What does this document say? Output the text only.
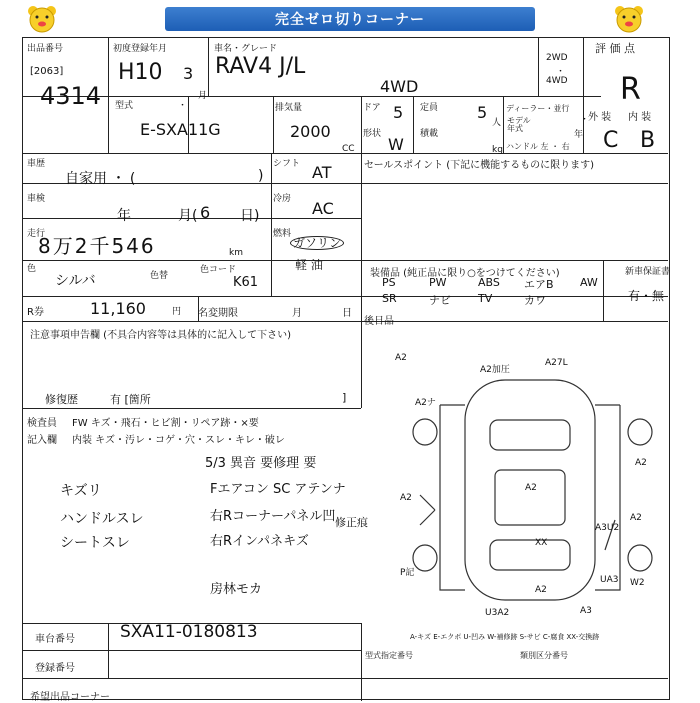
完全ゼロ切りコーナー
出品番号
[2063]
4314
初度登録年月
H10 3
月
車名・グレード
RAV4 J/L
4WD
2WD
・
4WD
評 価 点
R
外 装 内 装
C B
型式	・
E-SXA11G
排気量
2000
CC
ドア 5 定員 5
人
ディーラー・並行
・
モデル
年式
年
ハンドル 左 ・ 右
形状
W
積載
kg
車歴
自家用 ・ (	)
シフト AT	セールスポイント (下記に機能するものに限ります)
車検
年	月( 6 日)
冷房 AC
走行
8万2千546	km
燃料
ガソリン
軽 油
色
シルバ	色替
色コード
K61
装備品 (純正品に限り○をつけてください)
PS	PW	ABS エアB AW
SR	ナビ TV	カワ
新車保証書
有・無
R券	11,160	円 名変期限	月	日
後日品
注意事項申告欄 (不具合内容等は具体的に記入して下さい)
修復歴	有 [箇所	]
検査員
記入欄
FW キズ・飛石・ヒビ割・リペア跡・×要
内装 キズ・汚レ・コゲ・穴・スレ・キレ・破レ
キズリ
ハンドルスレ
シートスレ
5/3 異音 要修理 要
Fエアコン SC アテンナ
右Rコーナーパネル凹
右Rインパネキズ
修正痕
房林モカ
A2加圧
A27L
A2ナ
A2
A2
A2
A2
A3U2
P記
UA3 W2
U3A2	A3
A2
XX
A2
A-キズ E-エクボ U-凹み W-補修跡 S-サビ C-腐食 XX-交換跡
車台番号	SXA11-0180813
登録番号
型式指定番号	類別区分番号
希望出品コーナー
